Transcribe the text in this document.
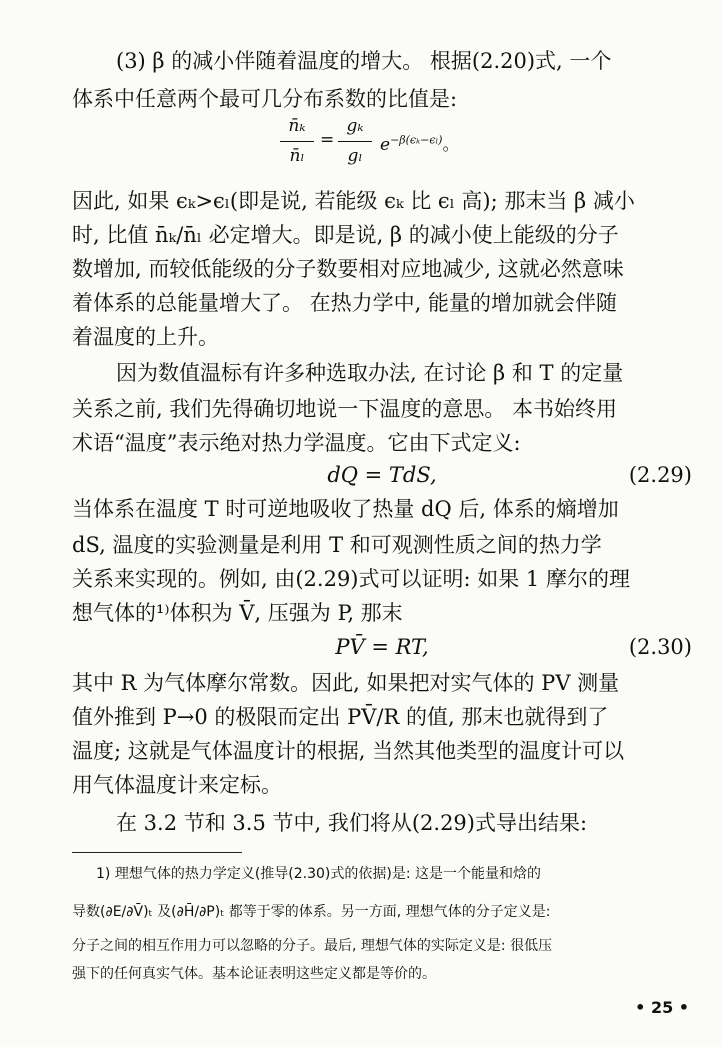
(3) β 的减小伴随着温度的增大。 根据(2.20)式, 一个
体系中任意两个最可几分布系数的比值是:
n̄ₖ
n̄ₗ
=
gₖ
gₗ
$e^{-\beta(\epsilon_k-\epsilon_l)}$。
因此, 如果 ϵₖ>ϵₗ(即是说, 若能级 ϵₖ 比 ϵₗ 高); 那末当 β 减小
时, 比值 n̄ₖ/n̄ₗ 必定增大。即是说, β 的减小使上能级的分子
数增加, 而较低能级的分子数要相对应地减少, 这就必然意味
着体系的总能量增大了。 在热力学中, 能量的增加就会伴随
着温度的上升。
因为数值温标有许多种选取办法, 在讨论 β 和 T 的定量
关系之前, 我们先得确切地说一下温度的意思。 本书始终用
术语“温度”表示绝对热力学温度。它由下式定义:
dQ = TdS,	(2.29)
当体系在温度 T 时可逆地吸收了热量 dQ 后, 体系的熵增加
dS, 温度的实验测量是利用 T 和可观测性质之间的热力学
关系来实现的。例如, 由(2.29)式可以证明: 如果 1 摩尔的理
想气体的¹⁾体积为 V̄, 压强为 P, 那末
PV̄ = RT,	(2.30)
其中 R 为气体摩尔常数。因此, 如果把对实气体的 PV 测量
值外推到 P→0 的极限而定出 PV̄/R 的值, 那末也就得到了
温度; 这就是气体温度计的根据, 当然其他类型的温度计可以
用气体温度计来定标。
在 3.2 节和 3.5 节中, 我们将从(2.29)式导出结果:
1) 理想气体的热力学定义(推导(2.30)式的依据)是: 这是一个能量和焓的
导数(∂E/∂V̄)ₜ 及(∂H̄/∂P)ₜ 都等于零的体系。另一方面, 理想气体的分子定义是:
分子之间的相互作用力可以忽略的分子。最后, 理想气体的实际定义是: 很低压
强下的任何真实气体。基本论证表明这些定义都是等价的。
• 25 •
